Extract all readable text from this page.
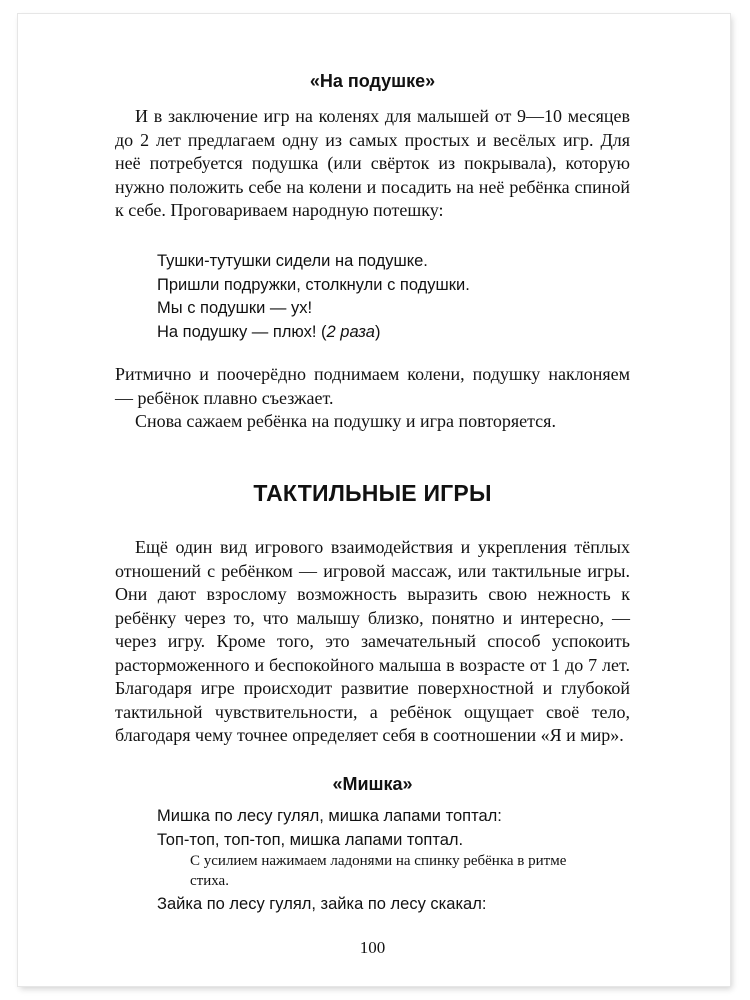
«На подушке»

И в заключение игр на коленях для малышей от 9—10 месяцев до 2 лет предлагаем одну из самых простых и весёлых игр. Для неё потребуется подушка (или свёрток из покрывала), которую нужно положить себе на колени и посадить на неё ребёнка спиной к себе. Проговариваем народную потешку:

Тушки-тутушки сидели на подушке.
Пришли подружки, столкнули с подушки.
Мы с подушки — ух!
На подушку — плюх! (2 раза)

Ритмично и поочерёдно поднимаем колени, подушку наклоняем — ребёнок плавно съезжает.

Снова сажаем ребёнка на подушку и игра повторяется.

ТАКТИЛЬНЫЕ ИГРЫ

Ещё один вид игрового взаимодействия и укрепления тёплых отношений с ребёнком — игровой массаж, или тактильные игры. Они дают взрослому возможность выразить свою нежность к ребёнку через то, что малышу близко, понятно и интересно, — через игру. Кроме того, это замечательный способ успокоить расторможенного и беспокойного малыша в возрасте от 1 до 7 лет. Благодаря игре происходит развитие поверхностной и глубокой тактильной чувствительности, а ребёнок ощущает своё тело, благодаря чему точнее определяет себя в соотношении «Я и мир».

«Мишка»
Мишка по лесу гулял, мишка лапами топтал:
Топ-топ, топ-топ, мишка лапами топтал.

С усилием нажимаем ладонями на спинку ребёнка в ритме стиха.

Зайка по лесу гулял, зайка по лесу скакал:
100
